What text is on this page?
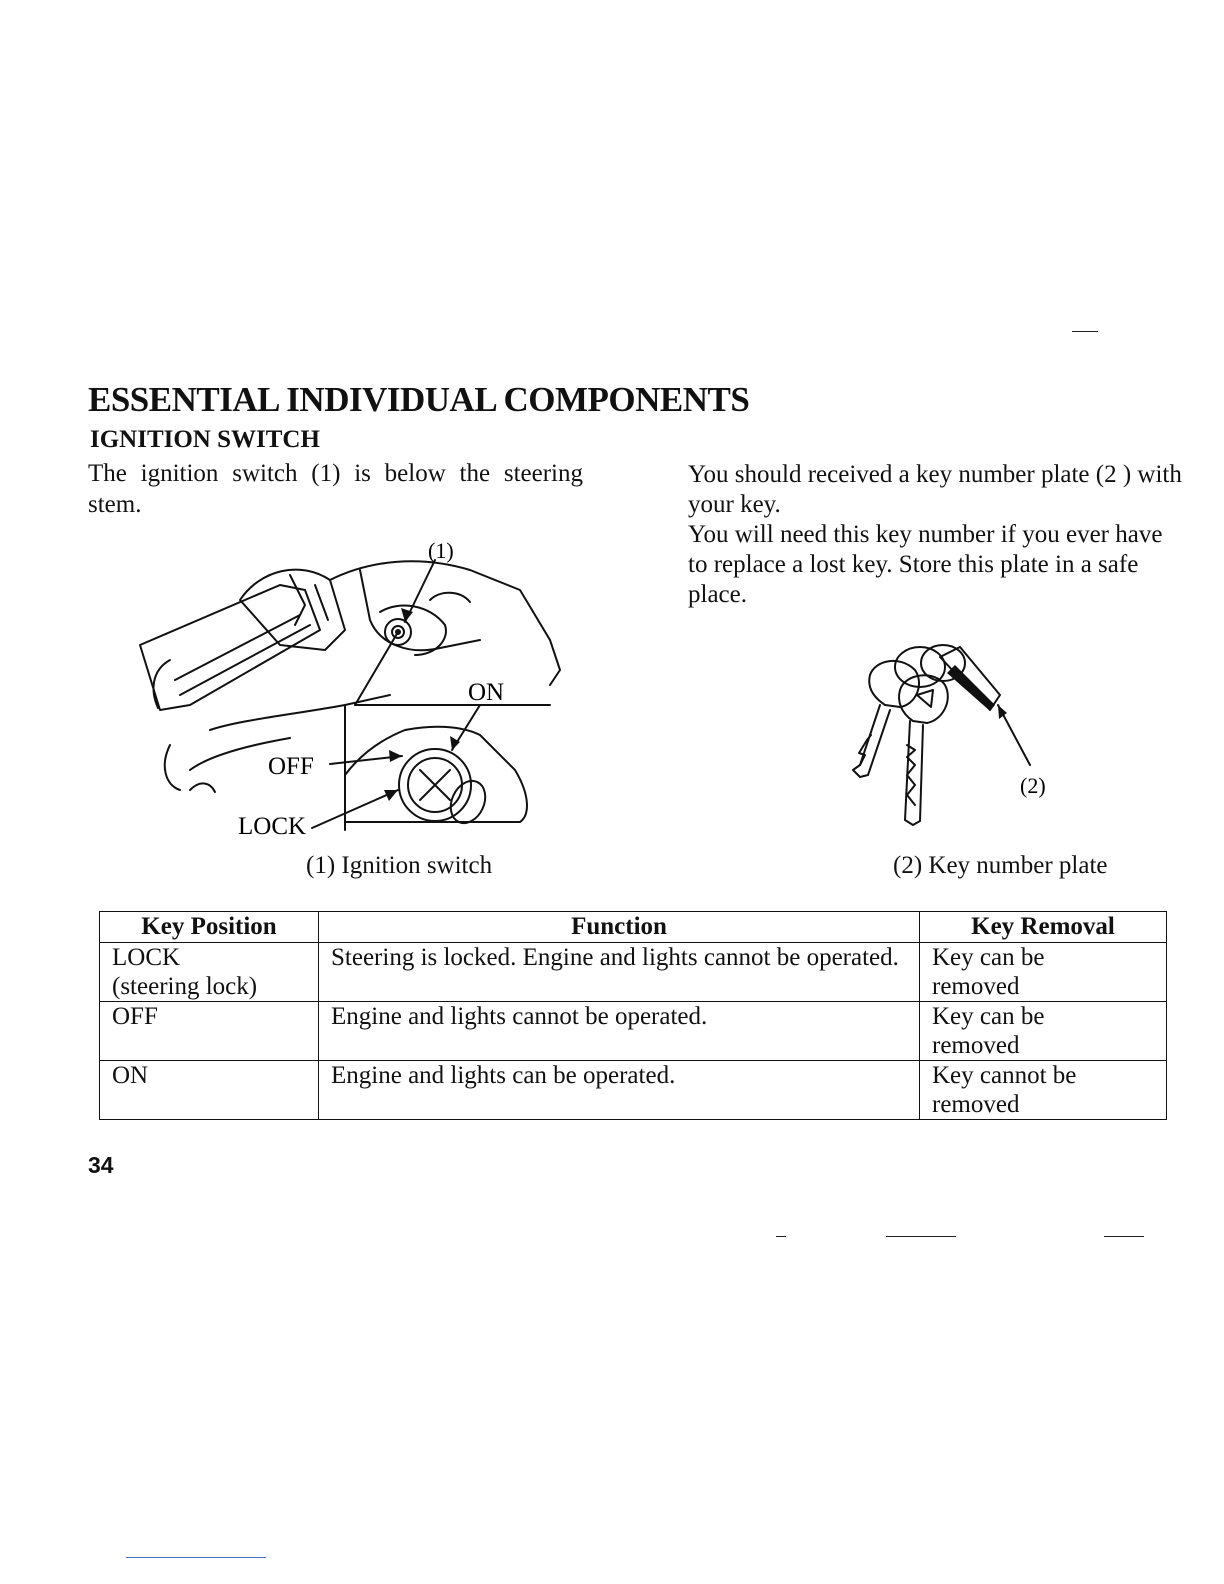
ESSENTIAL INDIVIDUAL COMPONENTS
IGNITION SWITCH

The ignition switch (1) is below the steering stem.

You should received a key number plate (2 ) with your key.

You will need this key number if you ever have to replace a lost key. Store this plate in a safe place.

(1)
ON
OFF
LOCK
(2)
(1) Ignition switch	(2) Key number plate
Key Position	Function	Key Removal

LOCK
(steering lock)	Steering is locked. Engine and lights cannot be operated.	Key can be removed

OFF	Engine and lights cannot be operated.	Key can be removed

ON	Engine and lights can be operated.	Key cannot be removed
34
